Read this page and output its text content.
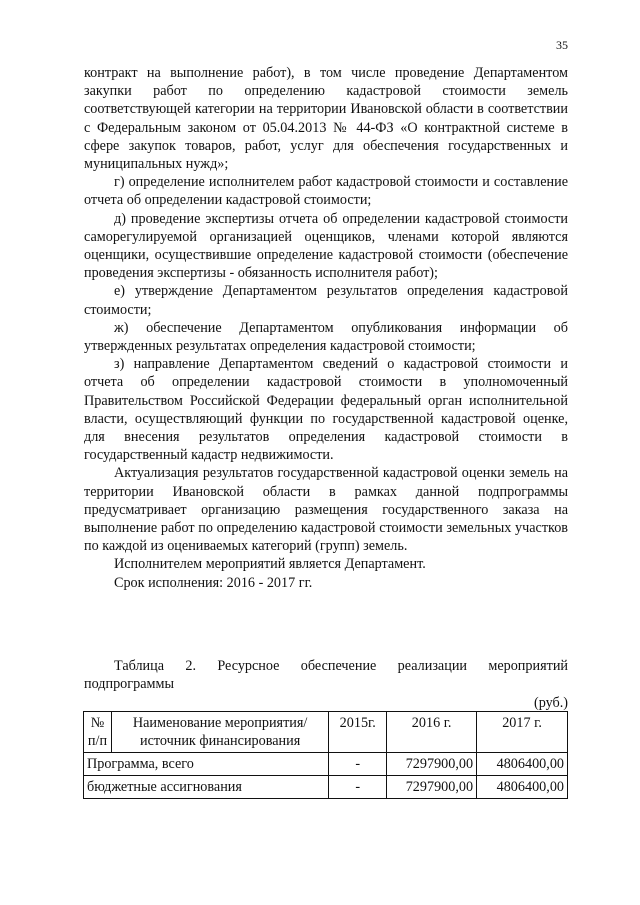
35

контракт на выполнение работ), в том числе проведение Департаментом закупки работ по определению кадастровой стоимости земель соответствующей категории на территории Ивановской области в соответствии с Федеральным законом от 05.04.2013 № 44-ФЗ «О контрактной системе в сфере закупок товаров, работ, услуг для обеспечения государственных и муниципальных нужд»;

г) определение исполнителем работ кадастровой стоимости и составление отчета об определении кадастровой стоимости;

д) проведение экспертизы отчета об определении кадастровой стоимости саморегулируемой организацией оценщиков, членами которой являются оценщики, осуществившие определение кадастровой стоимости (обеспечение проведения экспертизы - обязанность исполнителя работ);

е) утверждение Департаментом результатов определения кадастровой стоимости;

ж) обеспечение Департаментом опубликования информации об утвержденных результатах определения кадастровой стоимости;

з) направление Департаментом сведений о кадастровой стоимости и отчета об определении кадастровой стоимости в уполномоченный Правительством Российской Федерации федеральный орган исполнительной власти, осуществляющий функции по государственной кадастровой оценке, для внесения результатов определения кадастровой стоимости в государственный кадастр недвижимости.

Актуализация результатов государственной кадастровой оценки земель на территории Ивановской области в рамках данной подпрограммы предусматривает организацию размещения государственного заказа на выполнение работ по определению кадастровой стоимости земельных участков по каждой из оцениваемых категорий (групп) земель.

Исполнителем мероприятий является Департамент.

Срок исполнения: 2016 - 2017 гг.

Таблица 2. Ресурсное обеспечение реализации мероприятий подпрограммы

(руб.)
№ п/п	Наименование мероприятия/источник финансирования	2015г.	2016 г.	2017 г.
Программа, всего		-	7297900,00	4806400,00
бюджетные ассигнования		-	7297900,00	4806400,00
